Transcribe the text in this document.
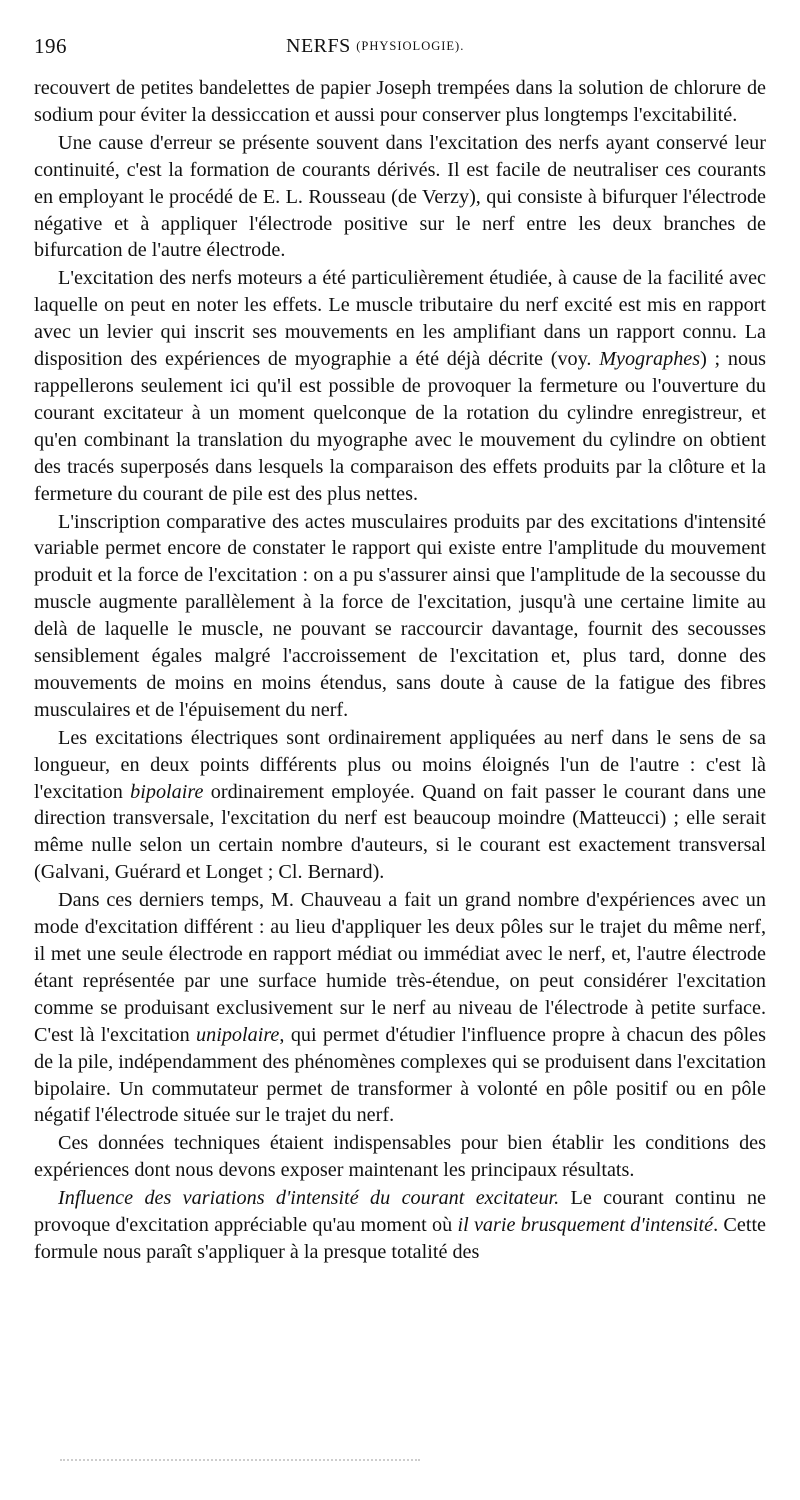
196	NERFS (PHYSIOLOGIE).

recouvert de petites bandelettes de papier Joseph trempées dans la solution de chlorure de sodium pour éviter la dessiccation et aussi pour conserver plus longtemps l'excitabilité.

Une cause d'erreur se présente souvent dans l'excitation des nerfs ayant conservé leur continuité, c'est la formation de courants dérivés. Il est facile de neutraliser ces courants en employant le procédé de E. L. Rousseau (de Verzy), qui consiste à bifurquer l'électrode négative et à appliquer l'électrode positive sur le nerf entre les deux branches de bifurcation de l'autre électrode.

L'excitation des nerfs moteurs a été particulièrement étudiée, à cause de la facilité avec laquelle on peut en noter les effets. Le muscle tributaire du nerf excité est mis en rapport avec un levier qui inscrit ses mouvements en les amplifiant dans un rapport connu. La disposition des expériences de myographie a été déjà décrite (voy. Myographes) ; nous rappellerons seulement ici qu'il est possible de provoquer la fermeture ou l'ouverture du courant excitateur à un moment quelconque de la rotation du cylindre enregistreur, et qu'en combinant la translation du myographe avec le mouvement du cylindre on obtient des tracés superposés dans lesquels la comparaison des effets produits par la clôture et la fermeture du courant de pile est des plus nettes.

L'inscription comparative des actes musculaires produits par des excitations d'intensité variable permet encore de constater le rapport qui existe entre l'amplitude du mouvement produit et la force de l'excitation : on a pu s'assurer ainsi que l'amplitude de la secousse du muscle augmente parallèlement à la force de l'excitation, jusqu'à une certaine limite au delà de laquelle le muscle, ne pouvant se raccourcir davantage, fournit des secousses sensiblement égales malgré l'accroissement de l'excitation et, plus tard, donne des mouvements de moins en moins étendus, sans doute à cause de la fatigue des fibres musculaires et de l'épuisement du nerf.

Les excitations électriques sont ordinairement appliquées au nerf dans le sens de sa longueur, en deux points différents plus ou moins éloignés l'un de l'autre : c'est là l'excitation bipolaire ordinairement employée. Quand on fait passer le courant dans une direction transversale, l'excitation du nerf est beaucoup moindre (Matteucci) ; elle serait même nulle selon un certain nombre d'auteurs, si le courant est exactement transversal (Galvani, Guérard et Longet ; Cl. Bernard).

Dans ces derniers temps, M. Chauveau a fait un grand nombre d'expériences avec un mode d'excitation différent : au lieu d'appliquer les deux pôles sur le trajet du même nerf, il met une seule électrode en rapport médiat ou immédiat avec le nerf, et, l'autre électrode étant représentée par une surface humide très-étendue, on peut considérer l'excitation comme se produisant exclusivement sur le nerf au niveau de l'électrode à petite surface. C'est là l'excitation unipolaire, qui permet d'étudier l'influence propre à chacun des pôles de la pile, indépendamment des phénomènes complexes qui se produisent dans l'excitation bipolaire. Un commutateur permet de transformer à volonté en pôle positif ou en pôle négatif l'électrode située sur le trajet du nerf.

Ces données techniques étaient indispensables pour bien établir les conditions des expériences dont nous devons exposer maintenant les principaux résultats.

Influence des variations d'intensité du courant excitateur. Le courant continu ne provoque d'excitation appréciable qu'au moment où il varie brusquement d'intensité. Cette formule nous paraît s'appliquer à la presque totalité des
